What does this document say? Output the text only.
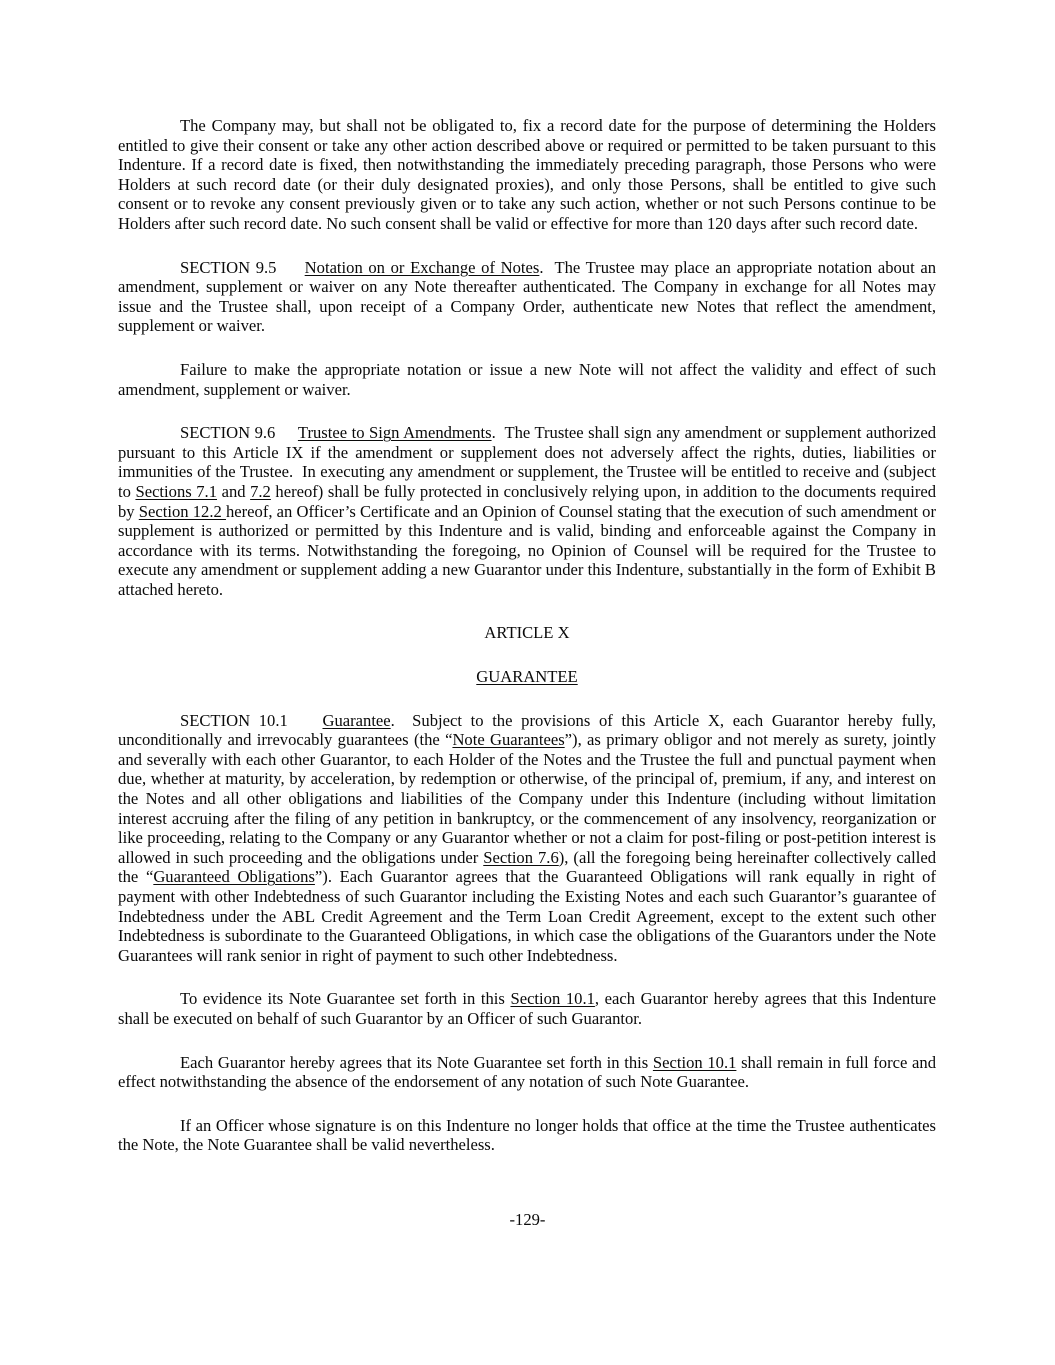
The Company may, but shall not be obligated to, fix a record date for the purpose of determining the Holders entitled to give their consent or take any other action described above or required or permitted to be taken pursuant to this Indenture. If a record date is fixed, then notwithstanding the immediately preceding paragraph, those Persons who were Holders at such record date (or their duly designated proxies), and only those Persons, shall be entitled to give such consent or to revoke any consent previously given or to take any such action, whether or not such Persons continue to be Holders after such record date. No such consent shall be valid or effective for more than 120 days after such record date.

SECTION 9.5     Notation on or Exchange of Notes.  The Trustee may place an appropriate notation about an amendment, supplement or waiver on any Note thereafter authenticated. The Company in exchange for all Notes may issue and the Trustee shall, upon receipt of a Company Order, authenticate new Notes that reflect the amendment, supplement or waiver.

Failure to make the appropriate notation or issue a new Note will not affect the validity and effect of such amendment, supplement or waiver.

SECTION 9.6     Trustee to Sign Amendments.  The Trustee shall sign any amendment or supplement authorized pursuant to this Article IX if the amendment or supplement does not adversely affect the rights, duties, liabilities or immunities of the Trustee.  In executing any amendment or supplement, the Trustee will be entitled to receive and (subject to Sections 7.1 and 7.2 hereof) shall be fully protected in conclusively relying upon, in addition to the documents required by Section 12.2 hereof, an Officer’s Certificate and an Opinion of Counsel stating that the execution of such amendment or supplement is authorized or permitted by this Indenture and is valid, binding and enforceable against the Company in accordance with its terms. Notwithstanding the foregoing, no Opinion of Counsel will be required for the Trustee to execute any amendment or supplement adding a new Guarantor under this Indenture, substantially in the form of Exhibit B attached hereto.

ARTICLE X

GUARANTEE

SECTION 10.1    Guarantee.  Subject to the provisions of this Article X, each Guarantor hereby fully, unconditionally and irrevocably guarantees (the “Note Guarantees”), as primary obligor and not merely as surety, jointly and severally with each other Guarantor, to each Holder of the Notes and the Trustee the full and punctual payment when due, whether at maturity, by acceleration, by redemption or otherwise, of the principal of, premium, if any, and interest on the Notes and all other obligations and liabilities of the Company under this Indenture (including without limitation interest accruing after the filing of any petition in bankruptcy, or the commencement of any insolvency, reorganization or like proceeding, relating to the Company or any Guarantor whether or not a claim for post-filing or post-petition interest is allowed in such proceeding and the obligations under Section 7.6), (all the foregoing being hereinafter collectively called the “Guaranteed Obligations”). Each Guarantor agrees that the Guaranteed Obligations will rank equally in right of payment with other Indebtedness of such Guarantor including the Existing Notes and each such Guarantor’s guarantee of Indebtedness under the ABL Credit Agreement and the Term Loan Credit Agreement, except to the extent such other Indebtedness is subordinate to the Guaranteed Obligations, in which case the obligations of the Guarantors under the Note Guarantees will rank senior in right of payment to such other Indebtedness.

To evidence its Note Guarantee set forth in this Section 10.1, each Guarantor hereby agrees that this Indenture shall be executed on behalf of such Guarantor by an Officer of such Guarantor.

Each Guarantor hereby agrees that its Note Guarantee set forth in this Section 10.1 shall remain in full force and effect notwithstanding the absence of the endorsement of any notation of such Note Guarantee.

If an Officer whose signature is on this Indenture no longer holds that office at the time the Trustee authenticates the Note, the Note Guarantee shall be valid nevertheless.

-129-
